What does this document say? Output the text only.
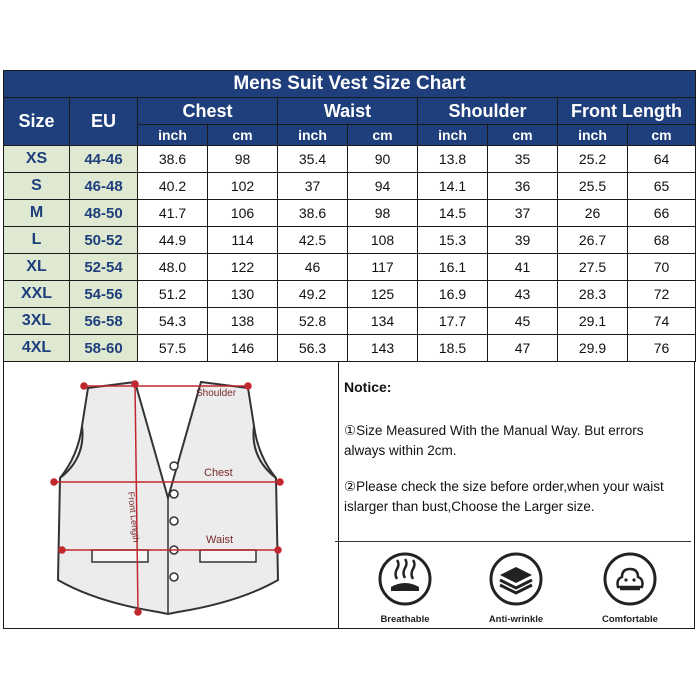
Mens Suit Vest Size Chart									
Size	EU	Chest		Waist		Shoulder		Front Length	
		inch	cm	inch	cm	inch	cm	inch	cm
XS	44-46	38.6	98	35.4	90	13.8	35	25.2	64
S	46-48	40.2	102	37	94	14.1	36	25.5	65
M	48-50	41.7	106	38.6	98	14.5	37	26	66
L	50-52	44.9	114	42.5	108	15.3	39	26.7	68
XL	52-54	48.0	122	46	117	16.1	41	27.5	70
XXL	54-56	51.2	130	49.2	125	16.9	43	28.3	72
3XL	56-58	54.3	138	52.8	134	17.7	45	29.1	74
4XL	58-60	57.5	146	56.3	143	18.5	47	29.9	76
Shoulder
Chest
Waist
Front Length
Notice:
①Size Measured With the Manual Way. But errors always within 2cm.
②Please check the size before order,when your waist islarger than bust,Choose the Larger size.
Breathable	Anti-wrinkle	Comfortable
